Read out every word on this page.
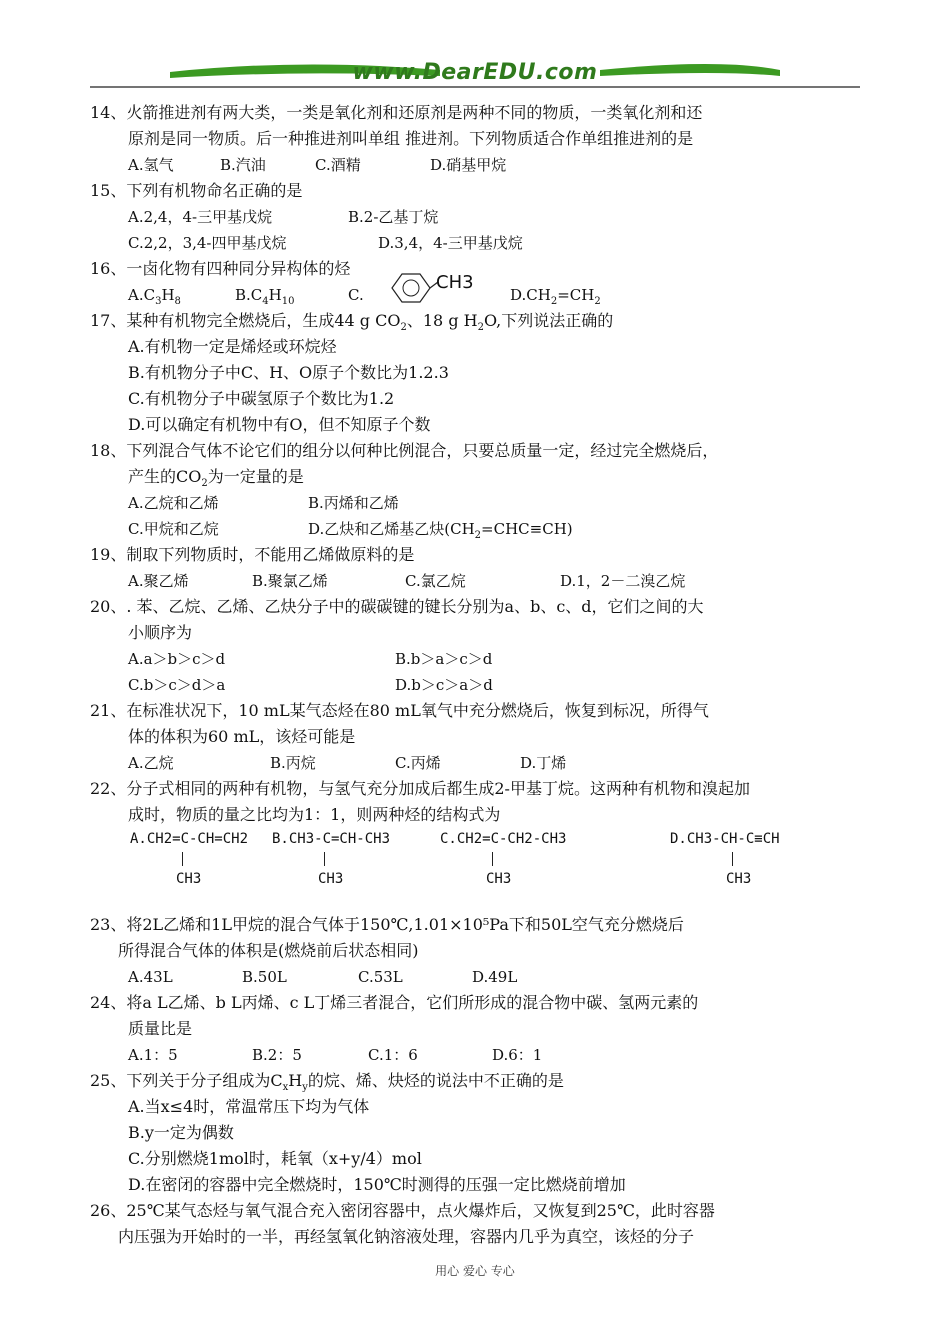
www.DearEDU.com
14、火箭推进剂有两大类，一类是氧化剂和还原剂是两种不同的物质，一类氧化剂和还
原剂是同一物质。后一种推进剂叫单组 推进剂。下列物质适合作单组推进剂的是
A.氢气	B.汽油	C.酒精	D.硝基甲烷
15、下列有机物命名正确的是
A.2,4，4-三甲基戊烷	B.2-乙基丁烷
C.2,2，3,4-四甲基戊烷	D.3,4，4-三甲基戊烷
16、一卤化物有四种同分异构体的烃
$A.C_3H_8$	$B.C_4H_{10}$	C.
CH3
$D.CH_2=CH_2$
17、某种有机物完全燃烧后，生成44 g $CO_2$、18 g $H_2O$,下列说法正确的
A.有机物一定是烯烃或环烷烃
B.有机物分子中C、H、O原子个数比为1.2.3
C.有机物分子中碳氢原子个数比为1.2
D.可以确定有机物中有O，但不知原子个数
18、下列混合气体不论它们的组分以何种比例混合，只要总质量一定，经过完全燃烧后，
产生的$CO_2$为一定量的是
A.乙烷和乙烯	B.丙烯和乙烯
C.甲烷和乙烷	D.乙炔和乙烯基乙炔$(CH_2=CHC\equiv CH)$
19、制取下列物质时，不能用乙烯做原料的是
A.聚乙烯	B.聚氯乙烯	C.氯乙烷	D.1，2－二溴乙烷
20、. 苯、乙烷、乙烯、乙炔分子中的碳碳键的键长分别为a、b、c、d，它们之间的大
小顺序为
A.a＞b＞c＞d	B.b＞a＞c＞d
C.b＞c＞d＞a	D.b＞c＞a＞d
21、在标准状况下，10 mL某气态烃在80 mL氧气中充分燃烧后，恢复到标况，所得气
体的体积为60 mL，该烃可能是
A.乙烷	B.丙烷	C.丙烯	D.丁烯
22、分子式相同的两种有机物，与氢气充分加成后都生成2-甲基丁烷。这两种有机物和溴起加
成时，物质的量之比均为1：1，则两种烃的结构式为
A.CH2=C-CH=CH2
CH3
B.CH3-C=CH-CH3
CH3
C.CH2=C-CH2-CH3
CH3
D.CH3-CH-C≡CH
CH3
23、将2L乙烯和1L甲烷的混合气体于150℃,1.01×10⁵Pa下和50L空气充分燃烧后
所得混合气体的体积是(燃烧前后状态相同)
A.43L	B.50L	C.53L	D.49L
24、将a L乙烯、b L丙烯、c L丁烯三者混合，它们所形成的混合物中碳、氢两元素的
质量比是
A.1：5	B.2：5	C.1：6	D.6：1
25、下列关于分子组成为$C_xH_y$的烷、烯、炔烃的说法中不正确的是
A.当x≤4时，常温常压下均为气体
B.y一定为偶数
C.分别燃烧1mol时，耗氧（x+y/4）mol
D.在密闭的容器中完全燃烧时，150℃时测得的压强一定比燃烧前增加
26、25℃某气态烃与氧气混合充入密闭容器中，点火爆炸后，又恢复到25℃，此时容器
内压强为开始时的一半，再经氢氧化钠溶液处理，容器内几乎为真空，该烃的分子
用心 爱心 专心
